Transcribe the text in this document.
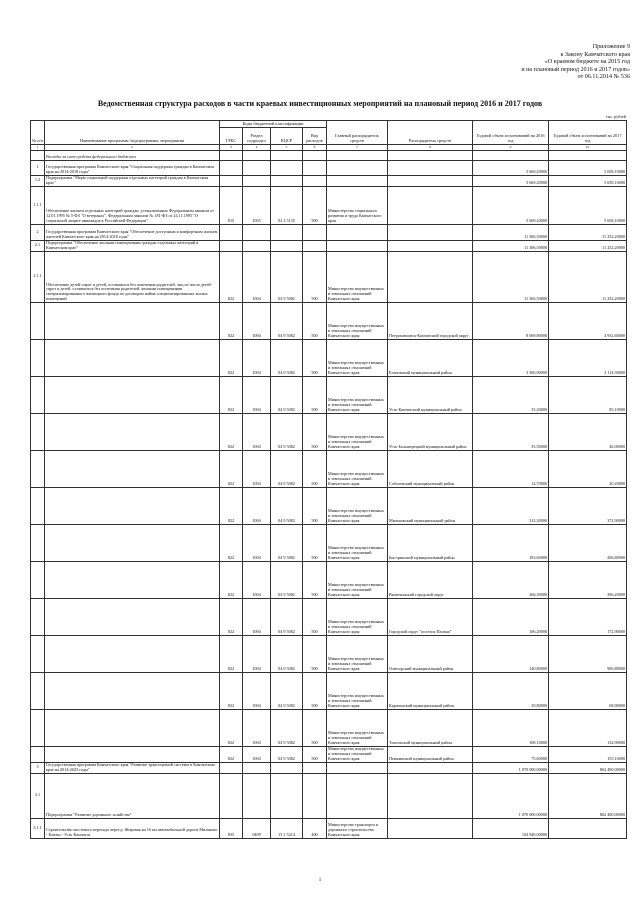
Приложение 9
к Закону Камчатского края
«О краевом бюджете на 2015 год
и на плановый период 2016 и 2017 годов»
от 06.11.2014 № 536
Ведомственная структура расходов в части краевых инвестиционных мероприятий на плановый период 2016 и 2017 годов
тыс. рублей
№ п/п	Наименование программы /подпрограммы, мероприятия	Коды бюджетной классификации				Главный распорядитель средств	Распорядитель средств	Годовой объем ассигнований на 2016 год	Годовой объем ассигнований на 2017 год
		ГРБС	Раздел подраздел	КЦСР	Вид расходов				
1	2	3	4	5	6	7	8	9	10
	Расходы за счет средств федерального бюджета								
1	Государственная программа Камчатского края "Социальная поддержка граждан в Камчатском крае на 2014-2018 годы"							5 669,20000	5 658,10000
1.2	Подпрограмма "Меры социальной поддержки отдельных категорий граждан в Камчатском крае"							5 669,20000	5 658,10000
1.1.1	Обеспечение жильем отдельных категорий граждан, установленных Федеральным законом от 12.01.1995 № 5-ФЗ "О ветеранах", Федеральным законом № 181-ФЗ от 24.11.1995 "О социальной защите инвалидов в Российской Федерации"	815	1003	02 2 5135	500	Министерство социального развития и труда Камчатского края		5 669,20000	5 658,10000
2	Государственная программа Камчатского края "Обеспечение доступным и комфортным жильем жителей Камчатского края на 2014-2018 годы"							11 306,50000	11 252,20000
2.1	Подпрограмма "Обеспечение жилыми помещениями граждан отдельных категорий в Камчатском крае"							11 306,50000	11 252,20000
2.1.1	Обеспечение детей-сирот и детей, оставшихся без попечения родителей, лиц из числа детей-сирот и детей, оставшихся без попечения родителей, жилыми помещениями специализированного жилищного фонда по договорам найма специализированных жилых помещений	822	1004	04 9 5082	500	Министерство имущественных и земельных отношений Камчатского края		11 306,50000	11 252,20000
		822	1004	04 9 5082	500	Министерство имущественных и земельных отношений Камчатского края	Петропавловск-Камчатский городской округ	8 069,80000	4 932,60000
		822	1004	04 9 5082	500	Министерство имущественных и земельных отношений Камчатского края	Елизовский муниципальный район	3 306,90000	3 114,30000
		822	1004	04 9 5082	500	Министерство имущественных и земельных отношений Камчатского края	Усть-Камчатский муниципальный район	35,20000	85,10000
		822	1004	04 9 5082	500	Министерство имущественных и земельных отношений Камчатского края	Усть-Большерецкий муниципальный район	35,50000	46,00000
		822	1004	04 9 5082	500	Министерство имущественных и земельных отношений Камчатского края	Соболевский муниципальный район	14,70000	20,20000
		822	1004	04 9 5082	500	Министерство имущественных и земельных отношений Камчатского края	Мильковский муниципальный район	312,30000	372,90000
		822	1004	04 9 5082	500	Министерство имущественных и земельных отношений Камчатского края	Быстринский муниципальный район	103,60000	206,80000
		822	1004	04 9 5082	500	Министерство имущественных и земельных отношений Камчатского края	Вилючинский городской округ	266,30000	296,20000
		822	1004	04 9 5082	500	Министерство имущественных и земельных отношений Камчатского края	Городской округ "поселок Палана"	106,20000	172,90000
		822	1004	04 9 5082	500	Министерство имущественных и земельных отношений Камчатского края	Олюторский муниципальный район	140,80000	906,80000
		822	1004	04 9 5082	500	Министерство имущественных и земельных отношений Камчатского края	Карагинский муниципальный район	29,80000	68,90000
		822	1004	04 9 5082	500	Министерство имущественных и земельных отношений Камчатского края	Тигильский муниципальный район	108,10000	132,90000
		822	1004	04 9 5082	500	Министерство имущественных и земельных отношений Камчатского края	Пенжинский муниципальный район	75,60000	155,10000
3	Государственная программа Камчатского края "Развитие транспортной системы в Камчатском крае на 2014-2025 годы"							1 070 000,00000	862 400,00000
3.1	Подпрограмма "Развитие дорожного хозяйства"							1 070 000,00000	862 400,00000
3.1.1	Строительство мостового перехода через р. Жировая на 16 км автомобильной дороги Мильково - Ключи - Усть-Камчатск	835	0409	15 1 5214	400	Министерство транспорта и дорожного строительства Камчатского края		104 940,00000	
1
